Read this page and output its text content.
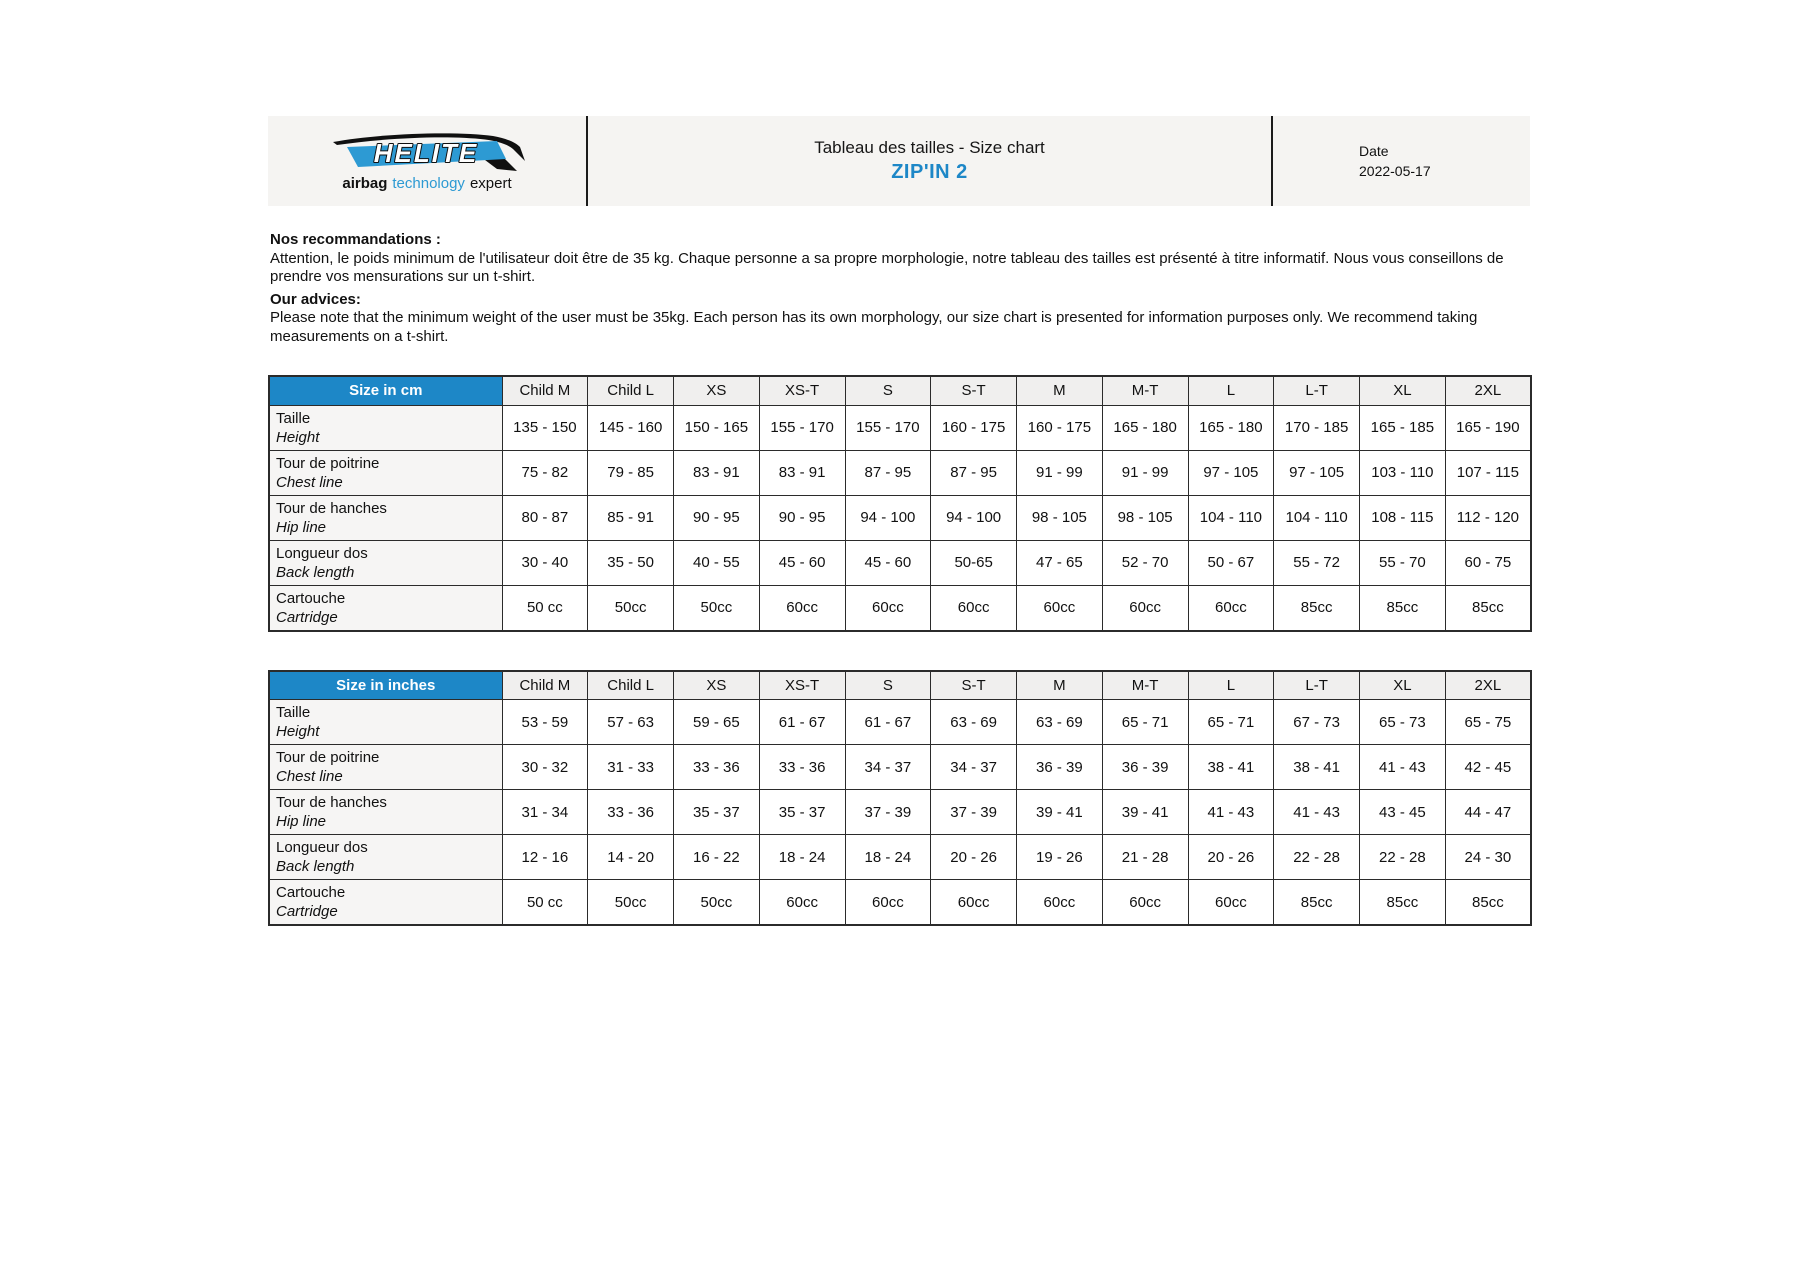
HELITE
airbag technology expert
Tableau des tailles - Size chart
ZIP'IN 2
Date
2022-05-17

Nos recommandations :

Attention, le poids minimum de l'utilisateur doit être de 35 kg. Chaque personne a sa propre morphologie, notre tableau des tailles est présenté à titre informatif. Nous vous conseillons de prendre vos mensurations sur un t-shirt.

Our advices:

Please note that the minimum weight of the user must be 35kg. Each person has its own morphology, our size chart is presented for information purposes only. We recommend taking measurements on a t-shirt.

Size in cm	Child M	Child L	XS	XS-T	S	S-T	M	M-T	L	L-T	XL	2XL

Taille
Height	135 - 150	145 - 160	150 - 165	155 - 170	155 - 170	160 - 175	160 - 175	165 - 180	165 - 180	170 - 185	165 - 185	165 - 190

Tour de poitrine
Chest line	75 - 82	79 - 85	83 - 91	83 - 91	87 - 95	87 - 95	91 - 99	91 - 99	97 - 105	97 - 105	103 - 110	107 - 115

Tour de hanches
Hip line	80 - 87	85 - 91	90 - 95	90 - 95	94 - 100	94 - 100	98 - 105	98 - 105	104 - 110	104 - 110	108 - 115	112 - 120

Longueur dos
Back length	30 - 40	35 - 50	40 - 55	45 - 60	45 - 60	50-65	47 - 65	52 - 70	50 - 67	55 - 72	55 - 70	60 - 75

Cartouche
Cartridge	50 cc	50cc	50cc	60cc	60cc	60cc	60cc	60cc	60cc	85cc	85cc	85cc
Size in inches	Child M	Child L	XS	XS-T	S	S-T	M	M-T	L	L-T	XL	2XL

Taille
Height	53 - 59	57 - 63	59 - 65	61 - 67	61 - 67	63 - 69	63 - 69	65 - 71	65 - 71	67 - 73	65 - 73	65 - 75

Tour de poitrine
Chest line	30 - 32	31 - 33	33 - 36	33 - 36	34 - 37	34 - 37	36 - 39	36 - 39	38 - 41	38 - 41	41 - 43	42 - 45

Tour de hanches
Hip line	31 - 34	33 - 36	35 - 37	35 - 37	37 - 39	37 - 39	39 - 41	39 - 41	41 - 43	41 - 43	43 - 45	44 - 47

Longueur dos
Back length	12 - 16	14 - 20	16 - 22	18 - 24	18 - 24	20 - 26	19 - 26	21 - 28	20 - 26	22 - 28	22 - 28	24 - 30

Cartouche
Cartridge	50 cc	50cc	50cc	60cc	60cc	60cc	60cc	60cc	60cc	85cc	85cc	85cc
